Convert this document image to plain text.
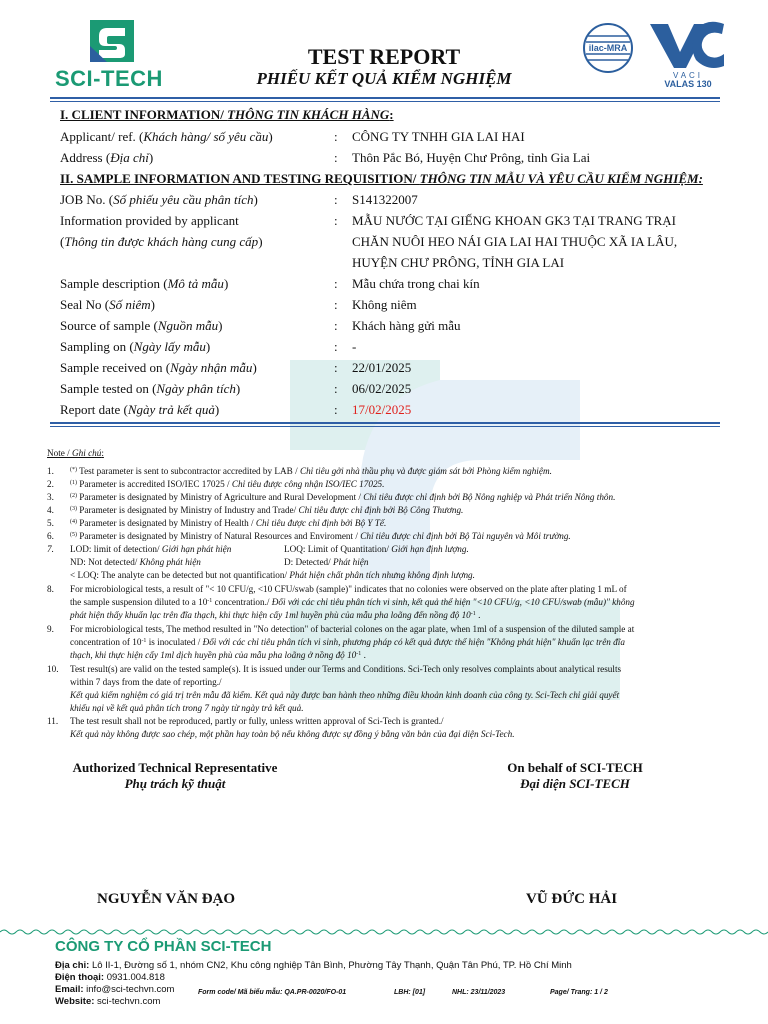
SCI-TECH
TEST REPORT
PHIẾU KẾT QUẢ KIỂM NGHIỆM
ilac-MRA
VACI
VALAS 130
I. CLIENT INFORMATION/ THÔNG TIN KHÁCH HÀNG:
Applicant/ ref. (Khách hàng/ số yêu cầu)	: CÔNG TY TNHH GIA LAI HAI
Address (Địa chỉ)	: Thôn Pắc Bó, Huyện Chư Prông, tỉnh Gia Lai
II. SAMPLE INFORMATION AND TESTING REQUISITION/ THÔNG TIN MẪU VÀ YÊU CẦU KIỂM NGHIỆM:
JOB No. (Số phiếu yêu cầu phân tích)	: S141322007
Information provided by applicant
(Thông tin được khách hàng cung cấp)
: MẪU NƯỚC TẠI GIẾNG KHOAN GK3 TẠI TRANG TRẠI
CHĂN NUÔI HEO NÁI GIA LAI HAI THUỘC XÃ IA LÂU,
HUYỆN CHƯ PRÔNG, TỈNH GIA LAI
Sample description (Mô tả mẫu)	: Mẫu chứa trong chai kín
Seal No (Số niêm)	: Không niêm
Source of sample (Nguồn mẫu)	: Khách hàng gửi mẫu
Sampling on (Ngày lấy mẫu)	: -
Sample received on (Ngày nhận mẫu)	: 22/01/2025
Sample tested on (Ngày phân tích)	: 06/02/2025
Report date (Ngày trả kết quả)	: 17/02/2025
Note / Ghi chú:
1.	(*) Test parameter is sent to subcontractor accredited by LAB / Chỉ tiêu gởi nhà thầu phụ và được giám sát bởi Phòng kiểm nghiệm.
2.	$^{(1)}$ Parameter is accredited ISO/IEC 17025 / Chỉ tiêu được công nhận ISO/IEC 17025.
3.	$^{(2)}$ Parameter is designated by Ministry of Agriculture and Rural Development / Chỉ tiêu được chỉ định bởi Bộ Nông nghiệp và Phát triển Nông thôn.
4.	$^{(3)}$ Parameter is designated by Ministry of Industry and Trade/ Chỉ tiêu được chỉ định bởi Bộ Công Thương.
5.	$^{(4)}$ Parameter is designated by Ministry of Health / Chỉ tiêu được chỉ định bởi Bộ Y Tế.
6.	$^{(5)}$ Parameter is designated by Ministry of Natural Resources and Enviroment / Chỉ tiêu được chỉ định bởi Bộ Tài nguyên và Môi trường.
7. LOD: limit of detection/ Giới hạn phát hiện	LOQ: Limit of Quantitation/ Giới hạn định lượng.
ND: Not detected/ Không phát hiện	D: Detected/ Phát hiện
< LOQ: The analyte can be detected but not quantification/ Phát hiện chất phân tích nhưng không định lượng.
8. For microbiological tests, a result of "< 10 CFU/g, <10 CFU/swab (sample)" indicates that no colonies were observed on the plate after plating 1 mL of
the sample suspension diluted to a $10^{-1}$ concentration./ Đối với các chỉ tiêu phân tích vi sinh, kết quả thể hiện "<10 CFU/g, <10 CFU/swab (mẫu)" không
phát hiện thấy khuẩn lạc trên đĩa thạch, khi thực hiện cấy 1ml huyền phù của mẫu pha loãng đến nồng độ $10^{-1}$ .
9. For microbiological tests, The method resulted in "No detection" of bacterial colones on the agar plate, when 1ml of a suspension of the diluted sample at
concentration of $10^{-1}$ is inoculated / Đối với các chỉ tiêu phân tích vi sinh, phương pháp có kết quả được thể hiện "Không phát hiện" khuẩn lạc trên đĩa
thạch, khi thực hiện cấy 1ml dịch huyền phù của mẫu pha loãng ở nồng độ $10^{-1}$ .
10. Test result(s) are valid on the tested sample(s). It is issued under our Terms and Conditions. Sci-Tech only resolves complaints about analytical results
within 7 days from the date of reporting./
Kết quả kiểm nghiệm có giá trị trên mẫu đã kiểm. Kết quả này được ban hành theo những điều khoản kinh doanh của công ty. Sci-Tech chỉ giải quyết
khiếu nại về kết quả phân tích trong 7 ngày từ ngày trả kết quả.
11. The test result shall not be reproduced, partly or fully, unless written approval of Sci-Tech is granted./
Kết quả này không được sao chép, một phần hay toàn bộ nếu không được sự đồng ý bằng văn bản của đại diện Sci-Tech.
Authorized Technical Representative
Phụ trách kỹ thuật
On behalf of SCI-TECH
Đại diện SCI-TECH
NGUYỄN VĂN ĐẠO	VŨ ĐỨC HẢI
CÔNG TY CỔ PHẦN SCI-TECH
Địa chỉ: Lô II-1, Đường số 1, nhóm CN2, Khu công nghiệp Tân Bình, Phường Tây Thạnh, Quận Tân Phú, TP. Hồ Chí Minh
Điện thoại: 0931.004.818
Email: info@sci-techvn.com
Website: sci-techvn.com
Form code/ Mã biểu mẫu: QA.PR-0020/FO-01	LBH: [01]	NHL: 23/11/2023	Page/ Trang: 1 / 2
